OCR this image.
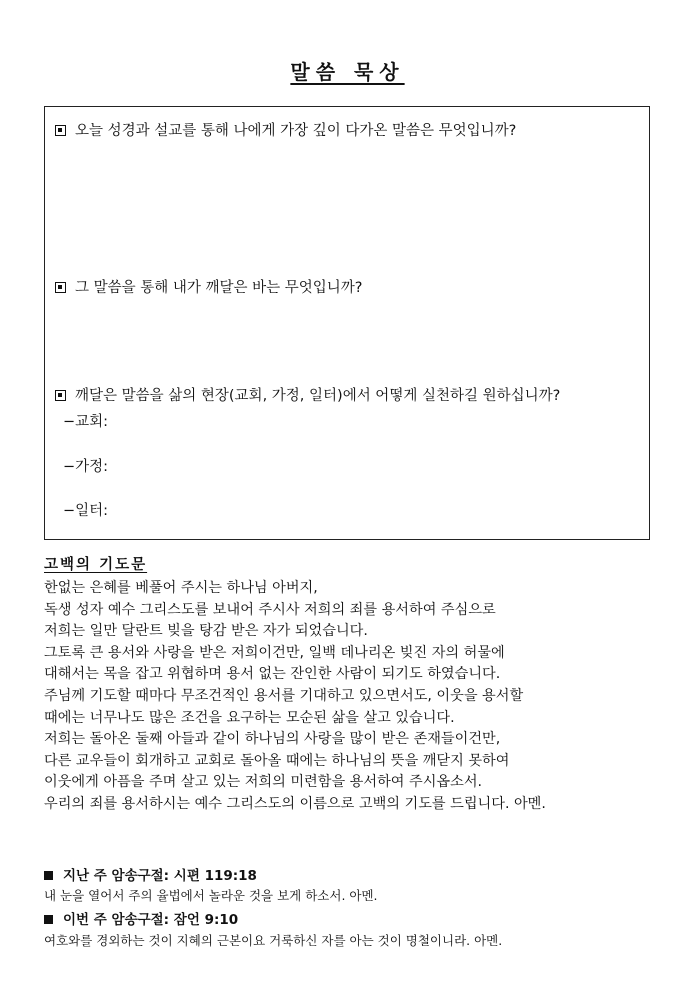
말씀 묵상
오늘 성경과 설교를 통해 나에게 가장 깊이 다가온 말씀은 무엇입니까?
그 말씀을 통해 내가 깨달은 바는 무엇입니까?
깨달은 말씀을 삶의 현장(교회, 가정, 일터)에서 어떻게 실천하길 원하십니까?
−교회:
−가정:
−일터:
고백의 기도문
한없는 은혜를 베풀어 주시는 하나님 아버지,
독생 성자 예수 그리스도를 보내어 주시사 저희의 죄를 용서하여 주심으로
저희는 일만 달란트 빚을 탕감 받은 자가 되었습니다.
그토록 큰 용서와 사랑을 받은 저희이건만, 일백 데나리온 빚진 자의 허물에
대해서는 목을 잡고 위협하며 용서 없는 잔인한 사람이 되기도 하였습니다.
주님께 기도할 때마다 무조건적인 용서를 기대하고 있으면서도, 이웃을 용서할
때에는 너무나도 많은 조건을 요구하는 모순된 삶을 살고 있습니다.
저희는 돌아온 둘째 아들과 같이 하나님의 사랑을 많이 받은 존재들이건만,
다른 교우들이 회개하고 교회로 돌아올 때에는 하나님의 뜻을 깨닫지 못하여
이웃에게 아픔을 주며 살고 있는 저희의 미련함을 용서하여 주시옵소서.
우리의 죄를 용서하시는 예수 그리스도의 이름으로 고백의 기도를 드립니다. 아멘.
지난 주 암송구절: 시편 119:18
내 눈을 열어서 주의 율법에서 놀라운 것을 보게 하소서. 아멘.
이번 주 암송구절: 잠언 9:10
여호와를 경외하는 것이 지혜의 근본이요 거룩하신 자를 아는 것이 명철이니라. 아멘.
